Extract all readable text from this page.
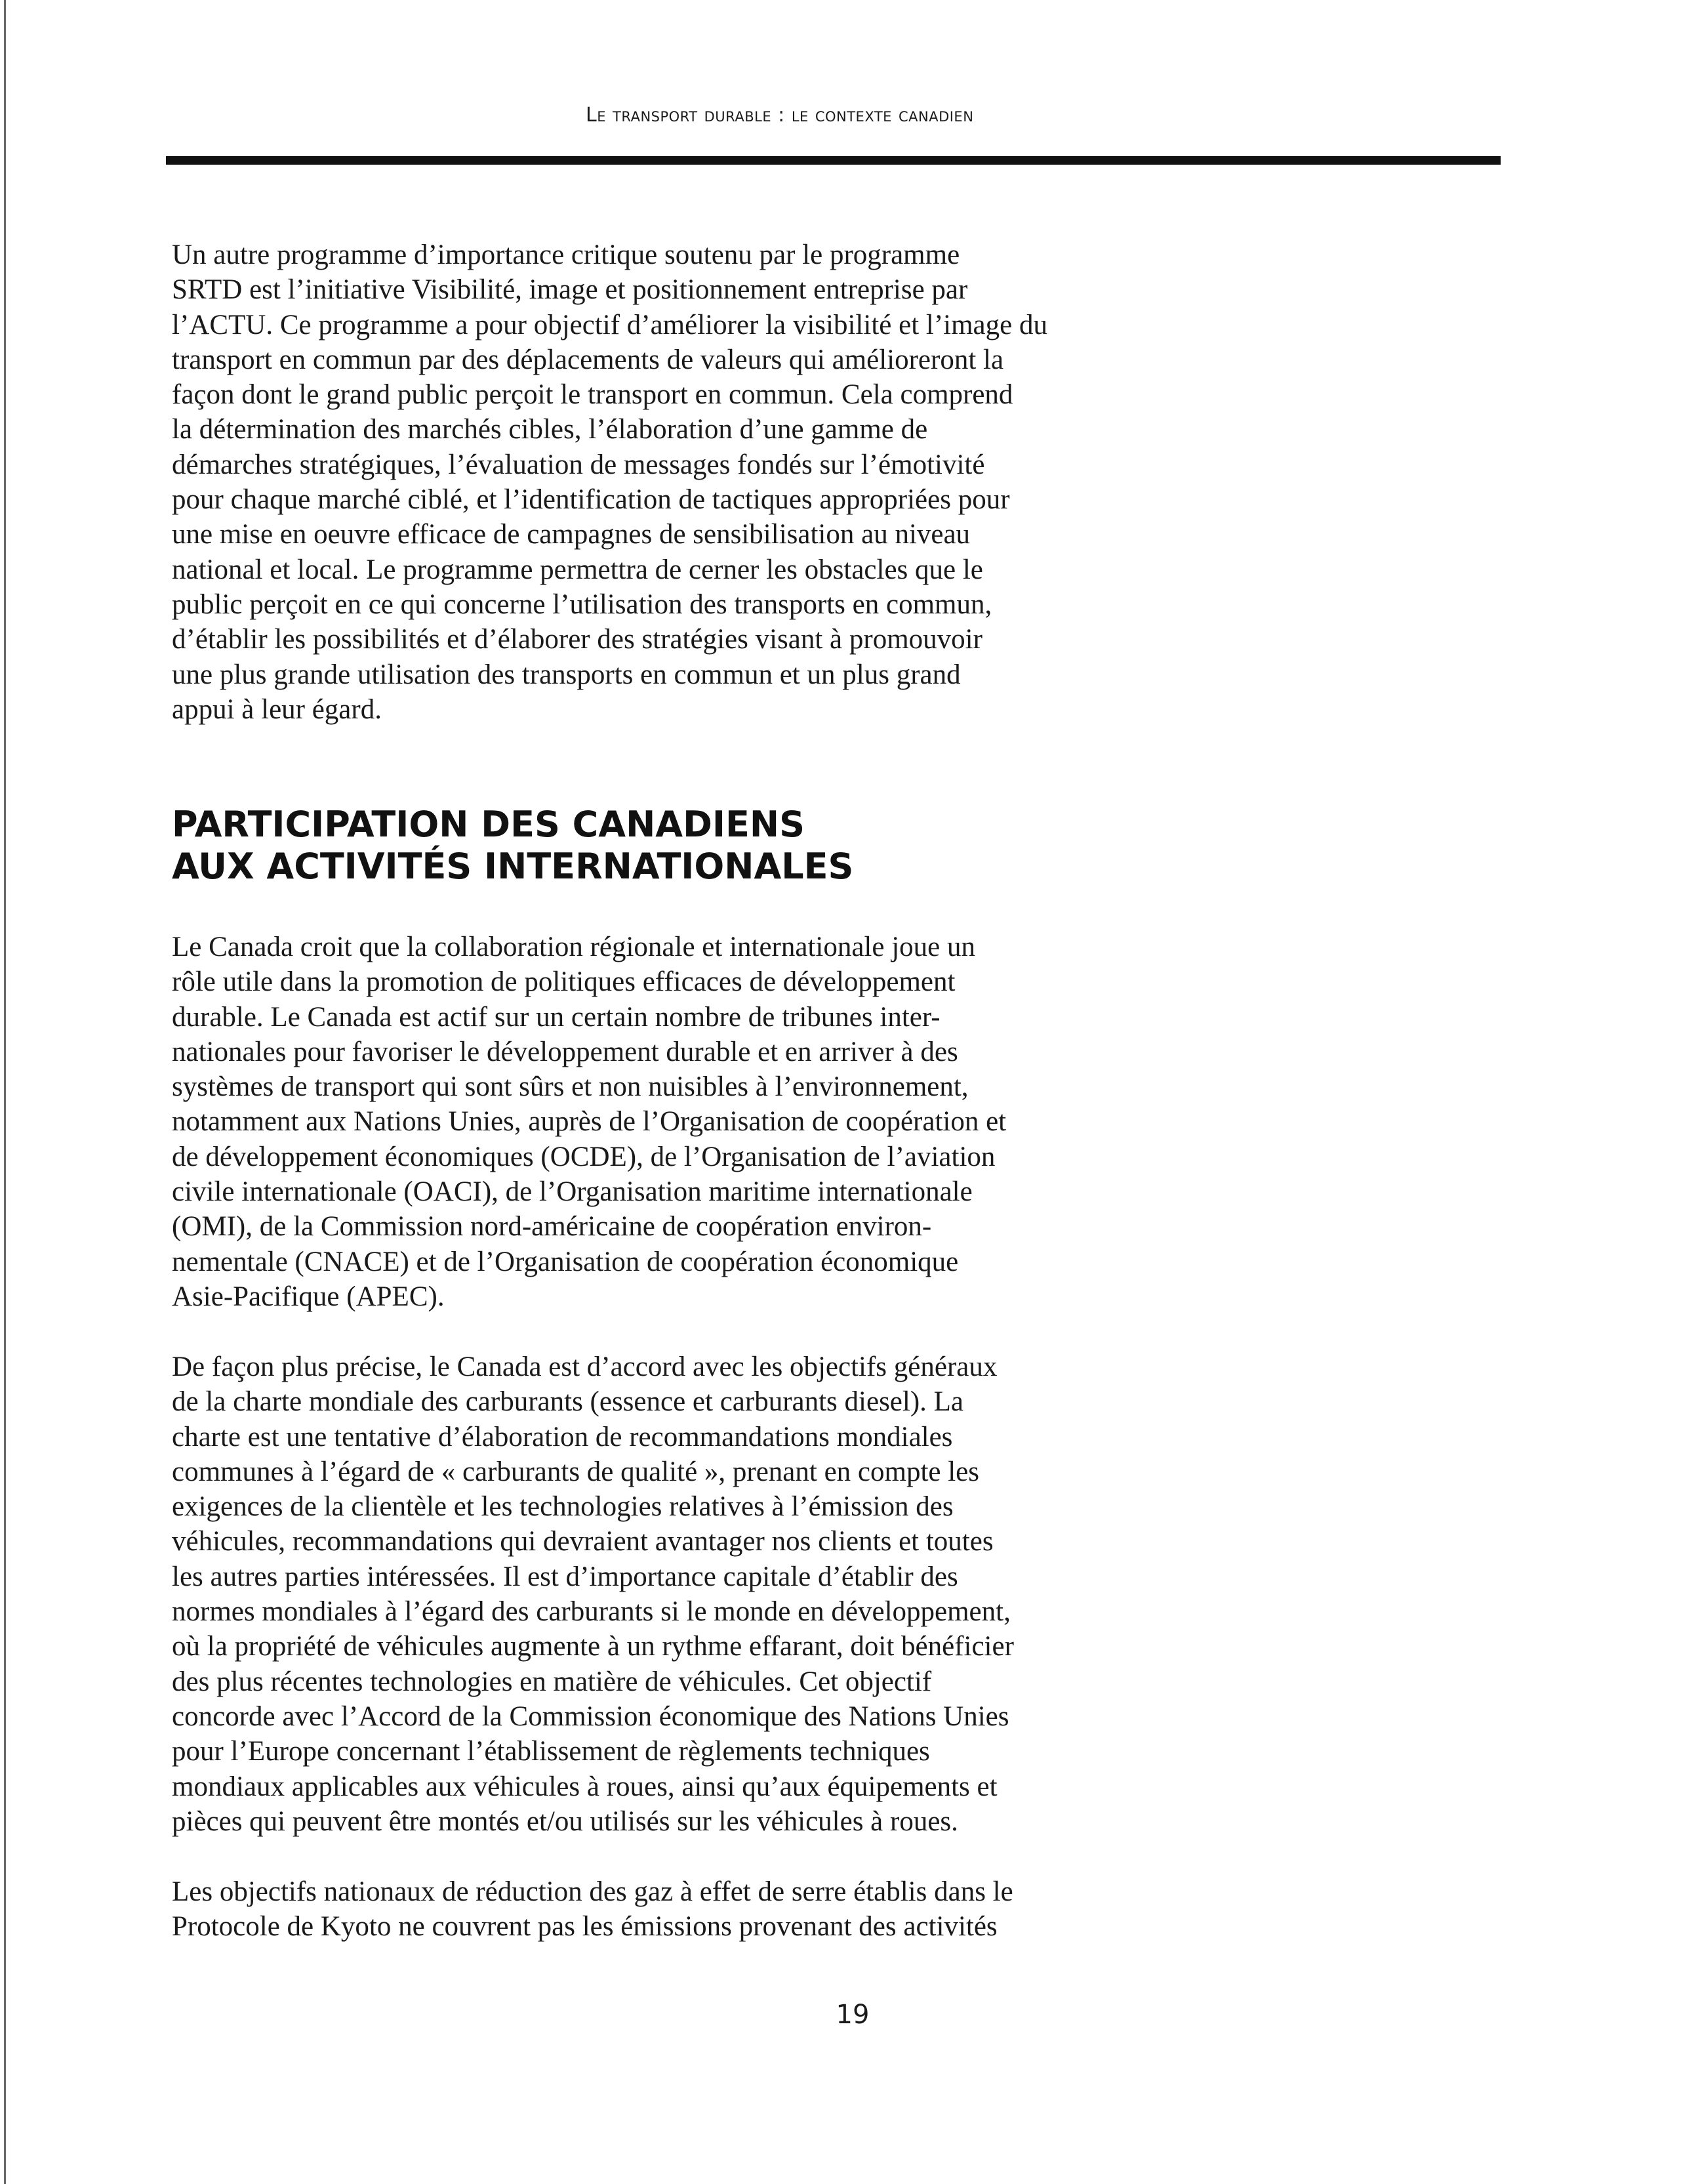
Le transport durable : le contexte canadien
Un autre programme d’importance critique soutenu par le programme
SRTD est l’initiative Visibilité, image et positionnement entreprise par
l’ACTU. Ce programme a pour objectif d’améliorer la visibilité et l’image du
transport en commun par des déplacements de valeurs qui amélioreront la
façon dont le grand public perçoit le transport en commun. Cela comprend
la détermination des marchés cibles, l’élaboration d’une gamme de
démarches stratégiques, l’évaluation de messages fondés sur l’émotivité
pour chaque marché ciblé, et l’identification de tactiques appropriées pour
une mise en oeuvre efficace de campagnes de sensibilisation au niveau
national et local. Le programme permettra de cerner les obstacles que le
public perçoit en ce qui concerne l’utilisation des transports en commun,
d’établir les possibilités et d’élaborer des stratégies visant à promouvoir
une plus grande utilisation des transports en commun et un plus grand
appui à leur égard.
PARTICIPATION DES CANADIENS
AUX ACTIVITÉS INTERNATIONALES
Le Canada croit que la collaboration régionale et internationale joue un
rôle utile dans la promotion de politiques efficaces de développement
durable. Le Canada est actif sur un certain nombre de tribunes inter-
nationales pour favoriser le développement durable et en arriver à des
systèmes de transport qui sont sûrs et non nuisibles à l’environnement,
notamment aux Nations Unies, auprès de l’Organisation de coopération et
de développement économiques (OCDE), de l’Organisation de l’aviation
civile internationale (OACI), de l’Organisation maritime internationale
(OMI), de la Commission nord-américaine de coopération environ-
nementale (CNACE) et de l’Organisation de coopération économique
Asie-Pacifique (APEC).
De façon plus précise, le Canada est d’accord avec les objectifs généraux
de la charte mondiale des carburants (essence et carburants diesel). La
charte est une tentative d’élaboration de recommandations mondiales
communes à l’égard de « carburants de qualité », prenant en compte les
exigences de la clientèle et les technologies relatives à l’émission des
véhicules, recommandations qui devraient avantager nos clients et toutes
les autres parties intéressées. Il est d’importance capitale d’établir des
normes mondiales à l’égard des carburants si le monde en développement,
où la propriété de véhicules augmente à un rythme effarant, doit bénéficier
des plus récentes technologies en matière de véhicules. Cet objectif
concorde avec l’Accord de la Commission économique des Nations Unies
pour l’Europe concernant l’établissement de règlements techniques
mondiaux applicables aux véhicules à roues, ainsi qu’aux équipements et
pièces qui peuvent être montés et/ou utilisés sur les véhicules à roues.
Les objectifs nationaux de réduction des gaz à effet de serre établis dans le
Protocole de Kyoto ne couvrent pas les émissions provenant des activités
19
